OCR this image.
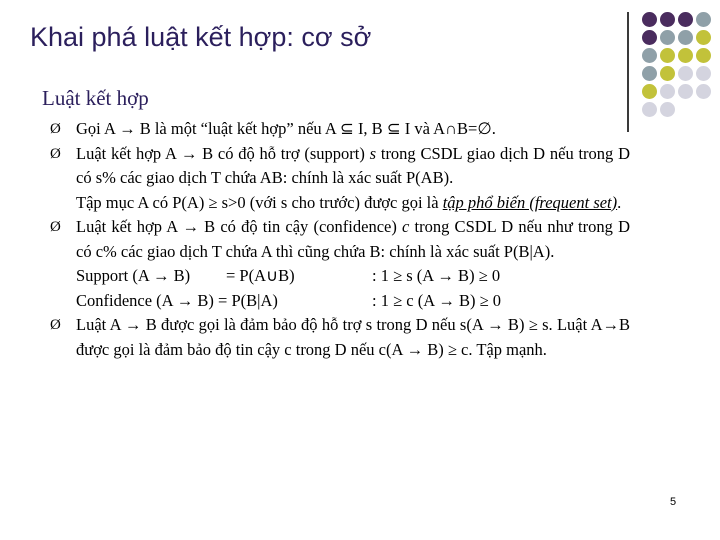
Khai phá luật kết hợp: cơ sở
Luật kết hợp
Ø Gọi A → B là một “luật kết hợp” nếu A ⊆ I, B ⊆ I và A∩B=∅.
Ø Luật kết hợp A → B có độ hỗ trợ (support) s trong CSDL giao dịch D nếu trong D có s% các giao dịch T chứa AB: chính là xác suất P(AB).
Tập mục A có P(A) ≥ s>0 (với s cho trước) được gọi là tập phổ biến (frequent set).
Ø Luật kết hợp A → B có độ tin cậy (confidence) c trong CSDL D nếu như trong D có c% các giao dịch T chứa A thì cũng chứa B: chính là xác suất P(B|A).
Support (A → B)	= P(A∪B)	: 1 ≥ s (A → B) ≥ 0
Confidence (A → B) = P(B|A)	: 1 ≥ c (A → B) ≥ 0
Ø Luật A → B được gọi là đảm bảo độ hỗ trợ s trong D nếu s(A → B) ≥ s. Luật A→B được gọi là đảm bảo độ tin cậy c trong D nếu c(A → B) ≥ c. Tập mạnh.
5
